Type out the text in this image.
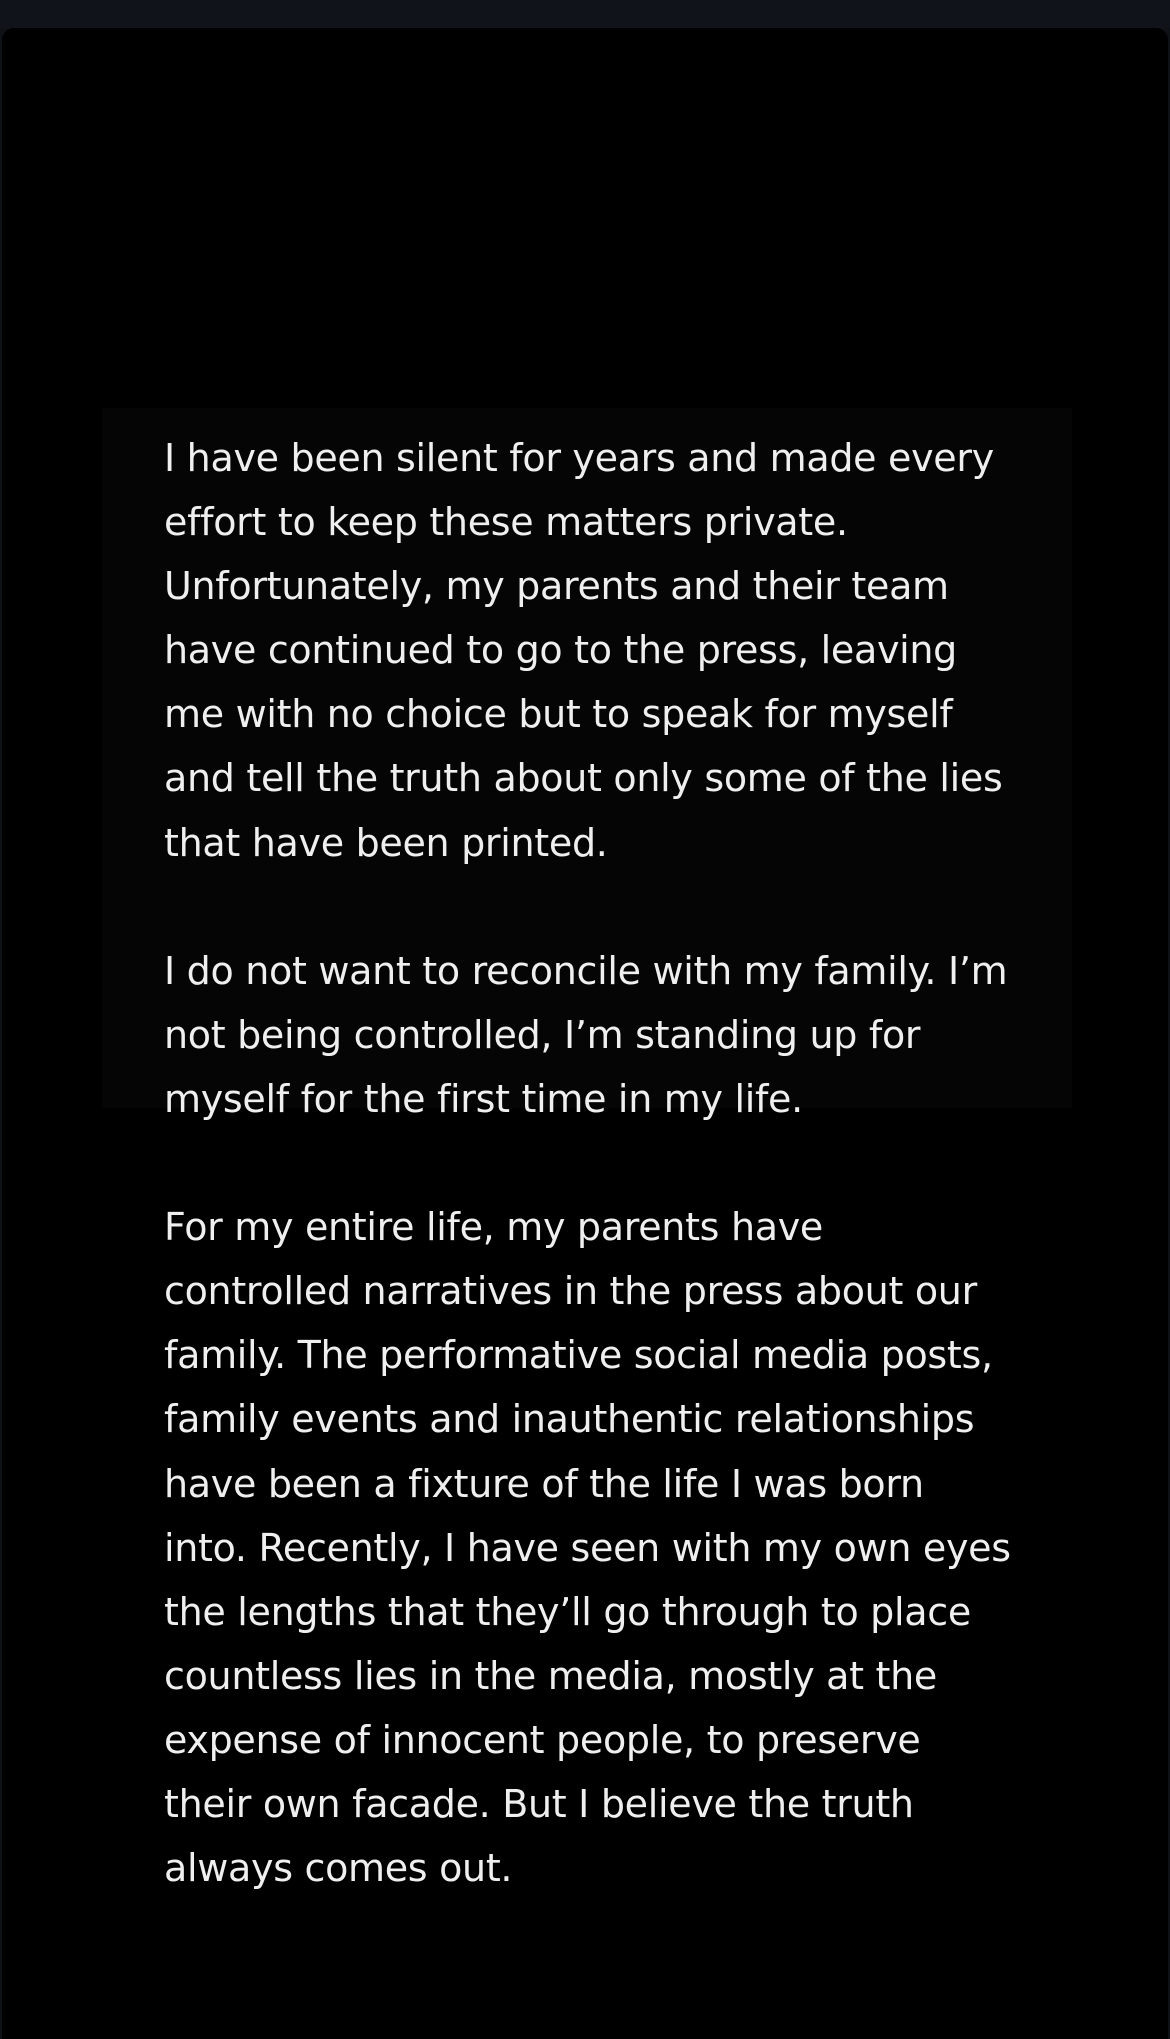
I have been silent for years and made every
effort to keep these matters private.
Unfortunately, my parents and their team
have continued to go to the press, leaving
me with no choice but to speak for myself
and tell the truth about only some of the lies
that have been printed.

I do not want to reconcile with my family. I’m
not being controlled, I’m standing up for
myself for the first time in my life.

For my entire life, my parents have
controlled narratives in the press about our
family. The performative social media posts,
family events and inauthentic relationships
have been a fixture of the life I was born
into. Recently, I have seen with my own eyes
the lengths that they’ll go through to place
countless lies in the media, mostly at the
expense of innocent people, to preserve
their own facade. But I believe the truth
always comes out.
